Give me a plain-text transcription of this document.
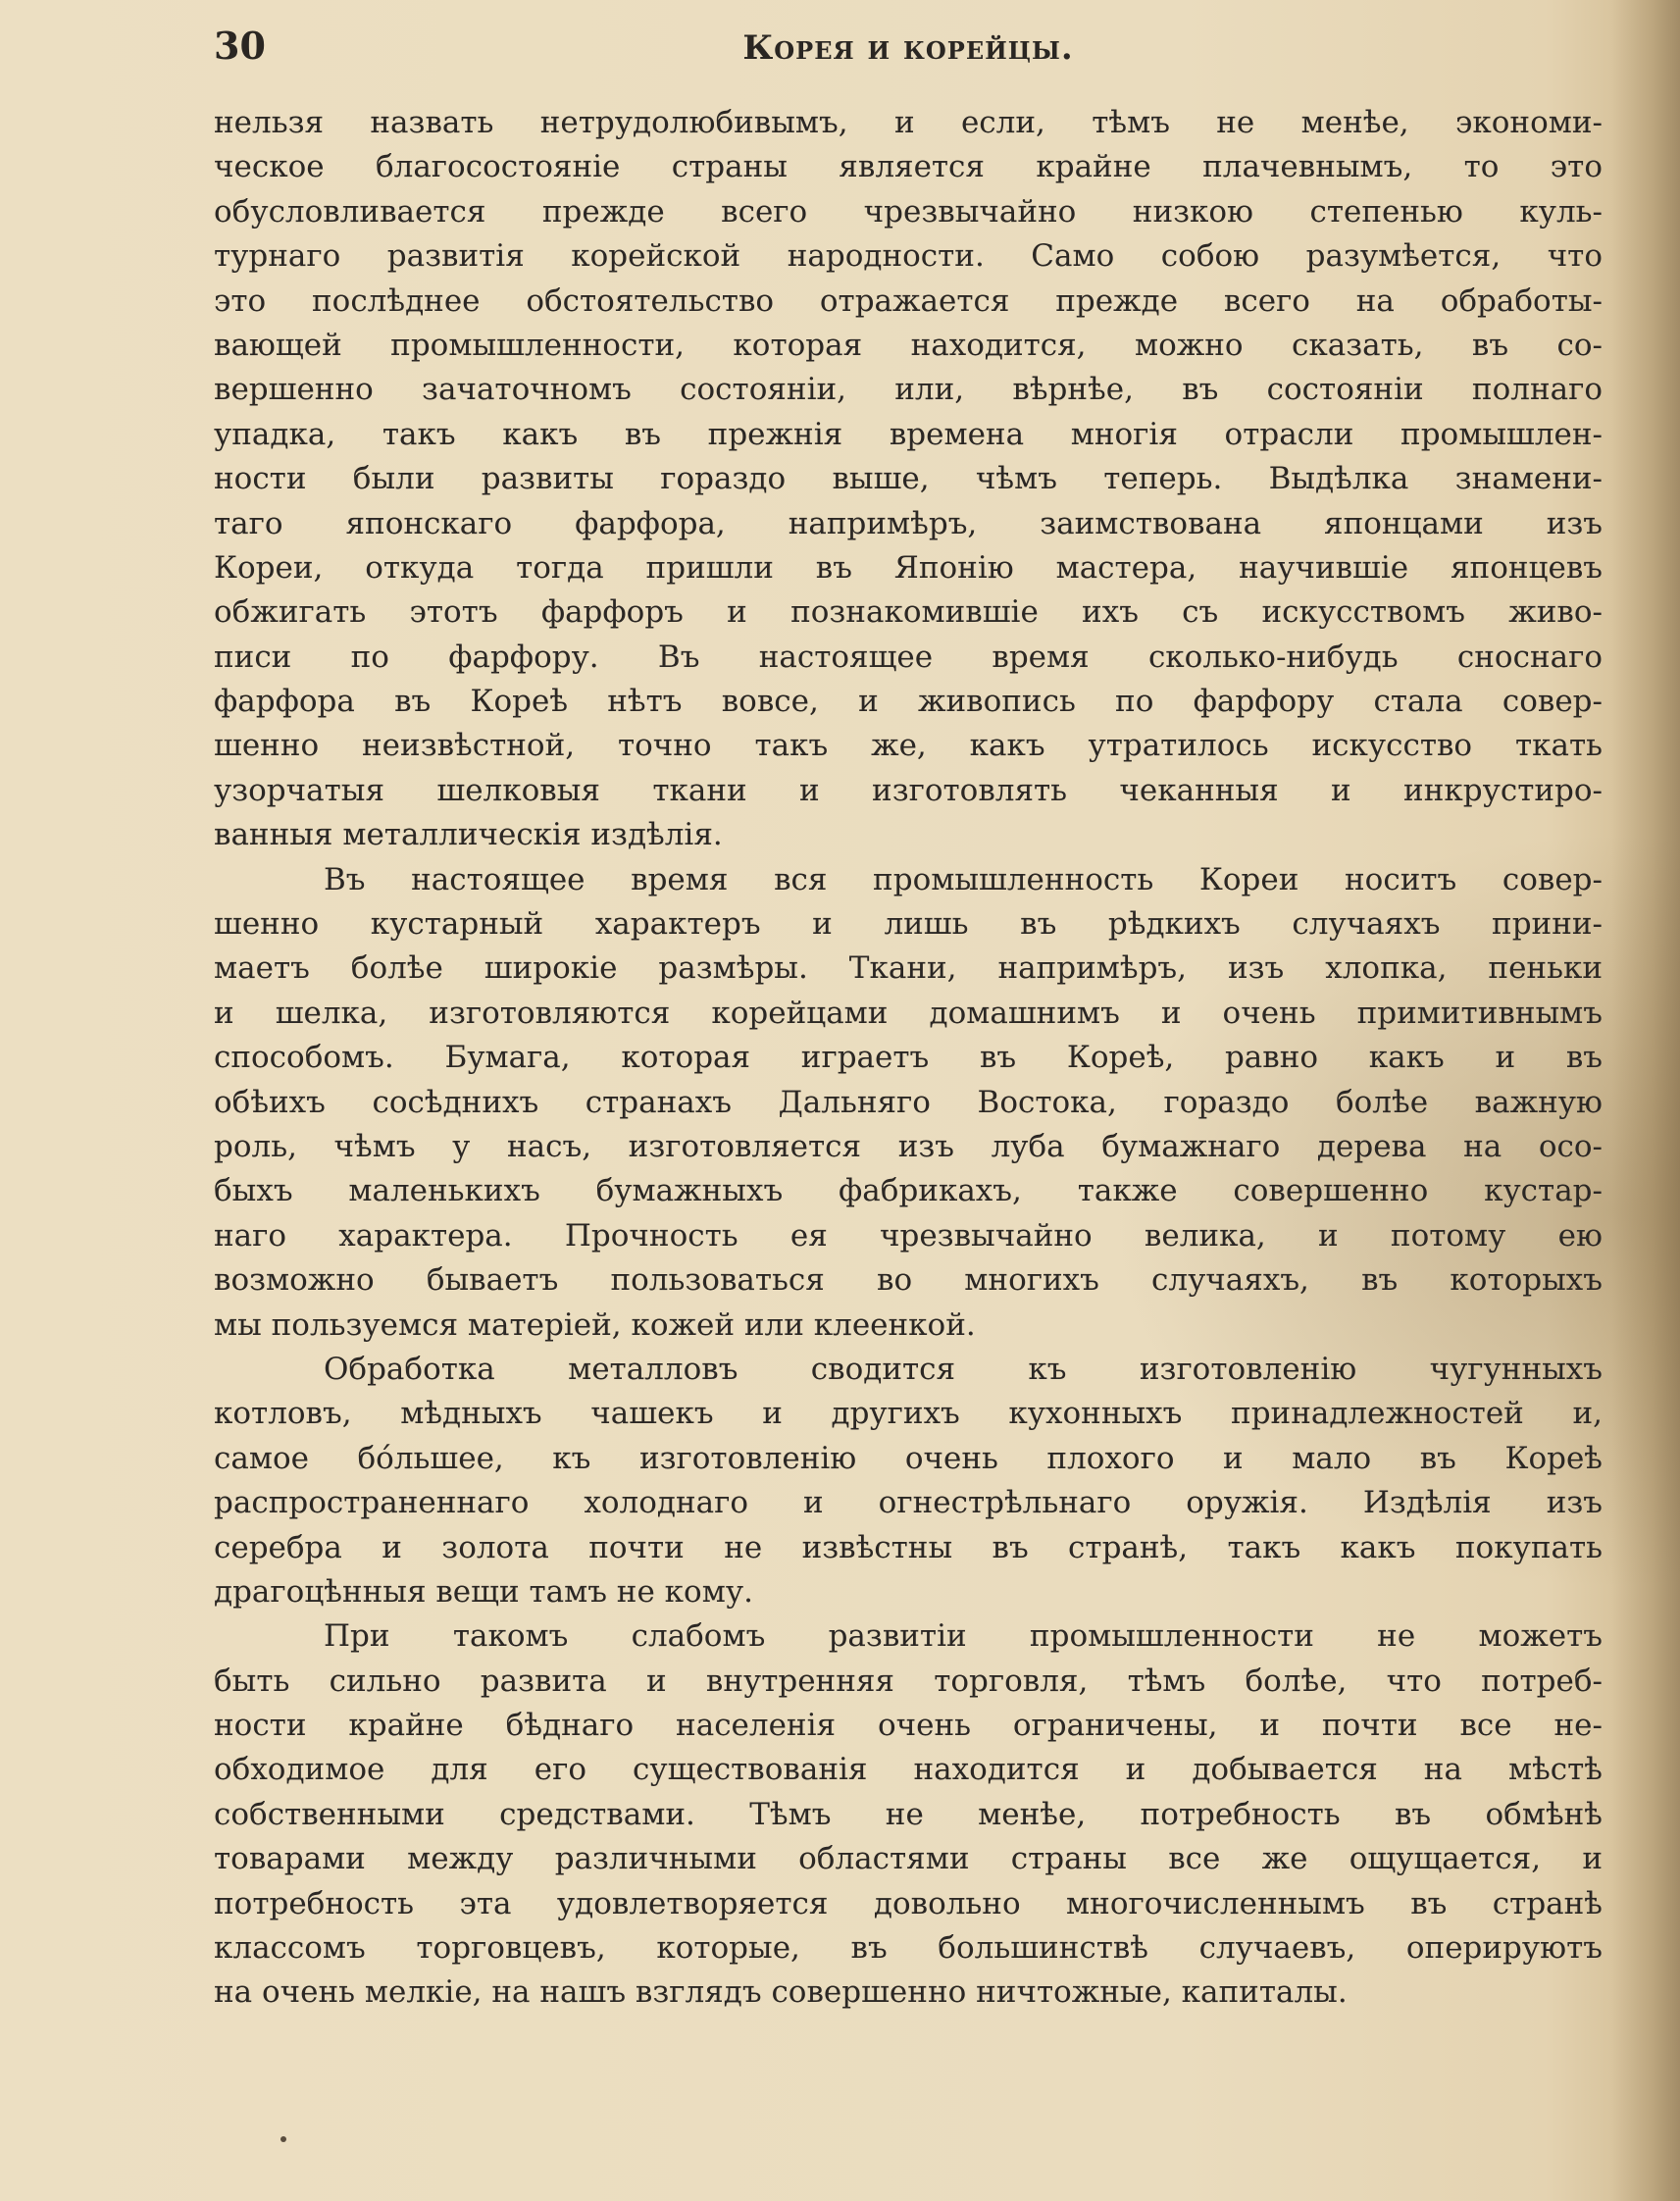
30	Корея и корейцы.
нельзя назвать нетрудолюбивымъ, и если, тѣмъ не менѣе, экономи-
ческое благосостояніе страны является крайне плачевнымъ, то это
обусловливается прежде всего чрезвычайно низкою степенью куль-
турнаго развитія корейской народности. Само собою разумѣется, что
это послѣднее обстоятельство отражается прежде всего на обработы-
вающей промышленности, которая находится, можно сказать, въ со-
вершенно зачаточномъ состояніи, или, вѣрнѣе, въ состояніи полнаго
упадка, такъ какъ въ прежнія времена многія отрасли промышлен-
ности были развиты гораздо выше, чѣмъ теперь. Выдѣлка знамени-
таго японскаго фарфора, напримѣръ, заимствована японцами изъ
Кореи, откуда тогда пришли въ Японію мастера, научившіе японцевъ
обжигать этотъ фарфоръ и познакомившіе ихъ съ искусствомъ живо-
писи по фарфору. Въ настоящее время сколько-нибудь сноснаго
фарфора въ Кореѣ нѣтъ вовсе, и живопись по фарфору стала совер-
шенно неизвѣстной, точно такъ же, какъ утратилось искусство ткать
узорчатыя шелковыя ткани и изготовлять чеканныя и инкрустиро-
ванныя металлическія издѣлія.
Въ настоящее время вся промышленность Кореи носитъ совер-
шенно кустарный характеръ и лишь въ рѣдкихъ случаяхъ прини-
маетъ болѣе широкіе размѣры. Ткани, напримѣръ, изъ хлопка, пеньки
и шелка, изготовляются корейцами домашнимъ и очень примитивнымъ
способомъ. Бумага, которая играетъ въ Кореѣ, равно какъ и въ
обѣихъ сосѣднихъ странахъ Дальняго Востока, гораздо болѣе важную
роль, чѣмъ у насъ, изготовляется изъ луба бумажнаго дерева на осо-
быхъ маленькихъ бумажныхъ фабрикахъ, также совершенно кустар-
наго характера. Прочность ея чрезвычайно велика, и потому ею
возможно бываетъ пользоваться во многихъ случаяхъ, въ которыхъ
мы пользуемся матеріей, кожей или клеенкой.
Обработка металловъ сводится къ изготовленію чугунныхъ
котловъ, мѣдныхъ чашекъ и другихъ кухонныхъ принадлежностей и,
самое бо́льшее, къ изготовленію очень плохого и мало въ Кореѣ
распространеннаго холоднаго и огнестрѣльнаго оружія. Издѣлія изъ
серебра и золота почти не извѣстны въ странѣ, такъ какъ покупать
драгоцѣнныя вещи тамъ не кому.
При такомъ слабомъ развитіи промышленности не можетъ
быть сильно развита и внутренняя торговля, тѣмъ болѣе, что потреб-
ности крайне бѣднаго населенія очень ограничены, и почти все не-
обходимое для его существованія находится и добывается на мѣстѣ
собственными средствами. Тѣмъ не менѣе, потребность въ обмѣнѣ
товарами между различными областями страны все же ощущается, и
потребность эта удовлетворяется довольно многочисленнымъ въ странѣ
классомъ торговцевъ, которые, въ большинствѣ случаевъ, оперируютъ
на очень мелкіе, на нашъ взглядъ совершенно ничтожные, капиталы.
